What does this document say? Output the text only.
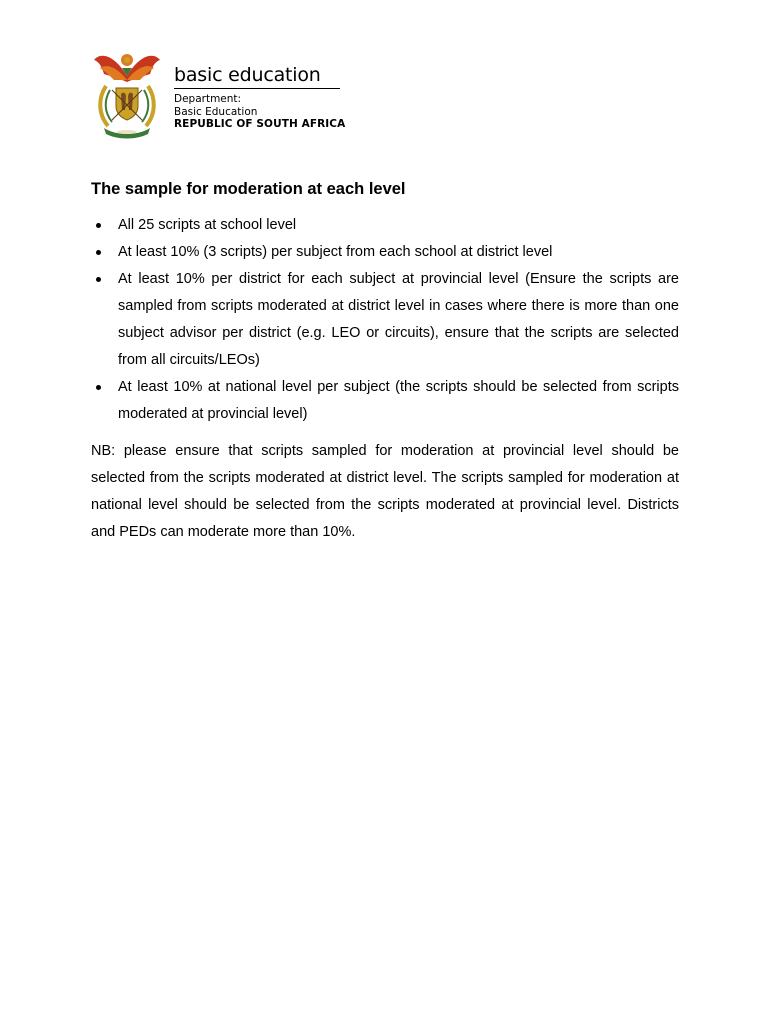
basic education
Department:
Basic Education
REPUBLIC OF SOUTH AFRICA
The sample for moderation at each level
All 25 scripts at school level
At least 10% (3 scripts) per subject from each school at district level
At least 10% per district for each subject at provincial level (Ensure the scripts are sampled from scripts moderated at district level in cases where there is more than one subject advisor per district (e.g. LEO or circuits), ensure that the scripts are selected from all circuits/LEOs)
At least 10% at national level per subject (the scripts should be selected from scripts moderated at provincial level)
NB: please ensure that scripts sampled for moderation at provincial level should be selected from the scripts moderated at district level. The scripts sampled for moderation at national level should be selected from the scripts moderated at provincial level. Districts and PEDs can moderate more than 10%.
